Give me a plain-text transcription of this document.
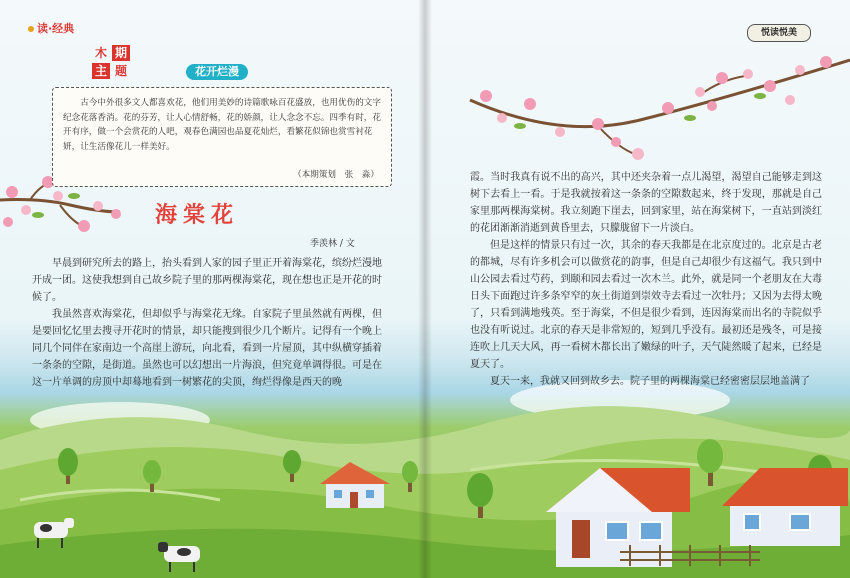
读·经典
木 期
主 题	花开烂漫

古今中外很多文人都喜欢花，他们用美妙的诗篇歌咏百花盛放，也用优伤的文字纪念花落香消。花的芬芳，让人心情舒畅，花的娇颜，让人念念不忘。四季有时，花开有序，做一个会赏花的人吧，观春色满园也品夏花灿烂，看繁花似锦也赏雪衬花妍，让生活像花儿一样美好。

（本期策划　张　淼）
海棠花
季羡林 / 文

早晨到研究所去的路上，抬头看到人家的园子里正开着海棠花，缤纷烂漫地开成一团。这使我想到自己故乡院子里的那两棵海棠花，现在想也正是开花的时候了。

我虽然喜欢海棠花，但却似乎与海棠花无缘。自家院子里虽然就有两棵，但是要回忆忆里去搜寻开花时的情景，却只能搜到很少几个断片。记得有一个晚上同几个同伴在家南边一个高崖上游玩，向北看，看到一片屋顶，其中纵横穿插着一条条的空隙，是街道。虽然也可以幻想出一片海浪，但究竟单调得很。可是在这一片单调的房顶中却蓦地看到一树繁花的尖顶，绚烂得像是西天的晚

悦读悦美

霞。当时我真有说不出的高兴，其中还夹杂着一点儿渴望，渴望自己能够走到这树下去看上一看。于是我就按着这一条条的空隙数起来，终于发现，那就是自己家里那两棵海棠树。我立刻跑下崖去，回到家里，站在海棠树下，一直站到淡红的花团渐渐消逝到黄昏里去，只朦胧留下一片淡白。

但是这样的情景只有过一次，其余的春天我都是在北京度过的。北京是古老的都城，尽有许多机会可以做赏花的韵事，但是自己却很少有这福气。我只到中山公园去看过芍药，到颐和园去看过一次木兰。此外，就是同一个老朋友在大毒日头下面跑过许多条窄窄的灰土街道到崇效寺去看过一次牡丹；又因为去得太晚了，只看到满地残英。至于海棠，不但是很少看到，连因海棠而出名的寺院似乎也没有听说过。北京的春天是非常短的，短到几乎没有。最初还是残冬，可是接连吹上几天大风，再一看树木都长出了嫩绿的叶子，天气陡然暖了起来，已经是夏天了。

夏天一来，我就又回到故乡去。院子里的两棵海棠已经密密层层地盖满了
